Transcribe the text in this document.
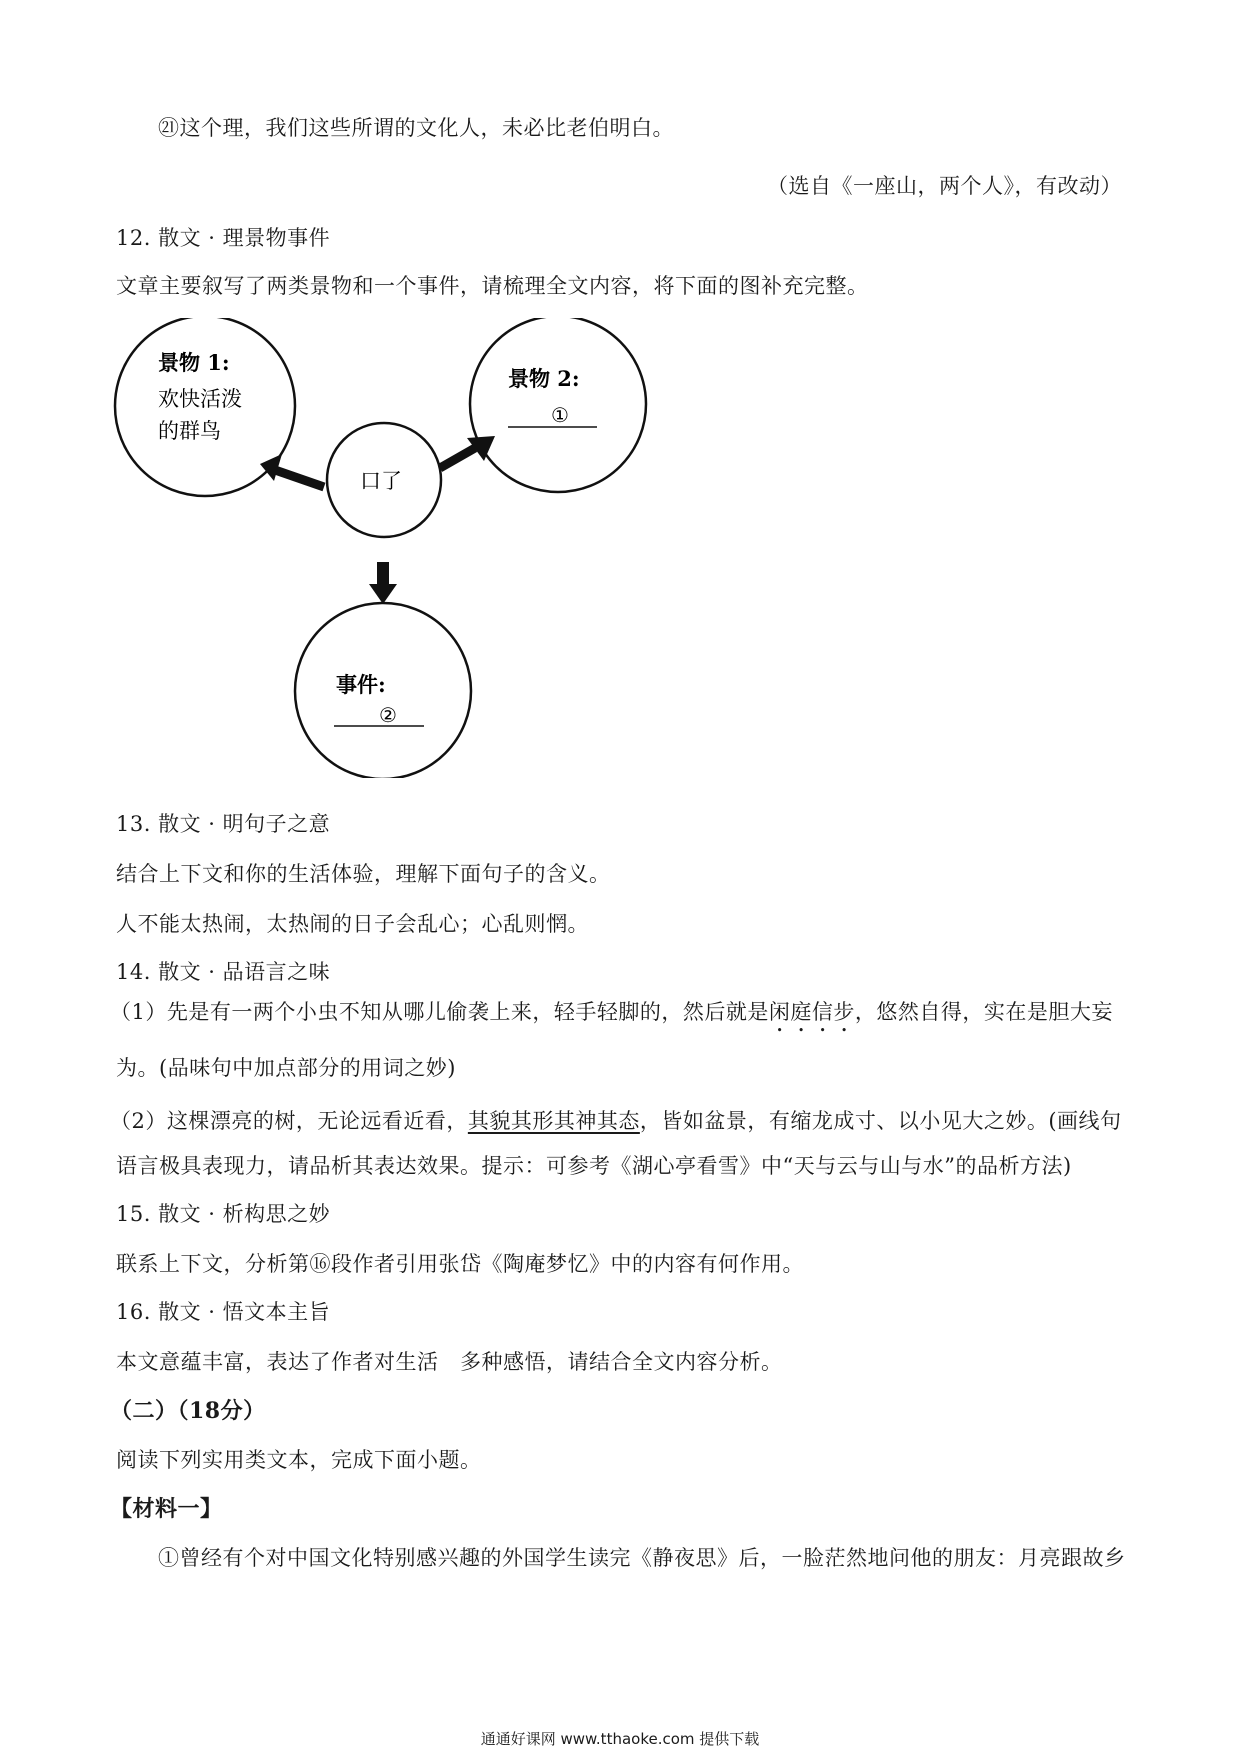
㉑这个理，我们这些所谓的文化人，未必比老伯明白。
（选自《一座山，两个人》，有改动）
12. 散文 · 理景物事件
文章主要叙写了两类景物和一个事件，请梳理全文内容，将下面的图补充完整。
景物 1:
欢快活泼
的群鸟
景物 2:
①
口了
事件:
②
13. 散文 · 明句子之意
结合上下文和你的生活体验，理解下面句子的含义。
人不能太热闹，太热闹的日子会乱心；心乱则惘。
14. 散文 · 品语言之味
（1）先是有一两个小虫不知从哪儿偷袭上来，轻手轻脚的，然后就是闲庭信步，悠然自得，实在是胆大妄
为。(品味句中加点部分的用词之妙)
（2）这棵漂亮的树，无论远看近看，其貌其形其神其态，皆如盆景，有缩龙成寸、以小见大之妙。(画线句
语言极具表现力，请品析其表达效果。提示：可参考《湖心亭看雪》中“天与云与山与水”的品析方法)
15. 散文 · 析构思之妙
联系上下文，分析第⑯段作者引用张岱《陶庵梦忆》中的内容有何作用。
16. 散文 · 悟文本主旨
本文意蕴丰富，表达了作者对生活　多种感悟，请结合全文内容分析。
（二）（18分）
阅读下列实用类文本，完成下面小题。
【材料一】
①曾经有个对中国文化特别感兴趣的外国学生读完《静夜思》后，一脸茫然地问他的朋友：月亮跟故乡
通通好课网 www.tthaoke.com 提供下载
